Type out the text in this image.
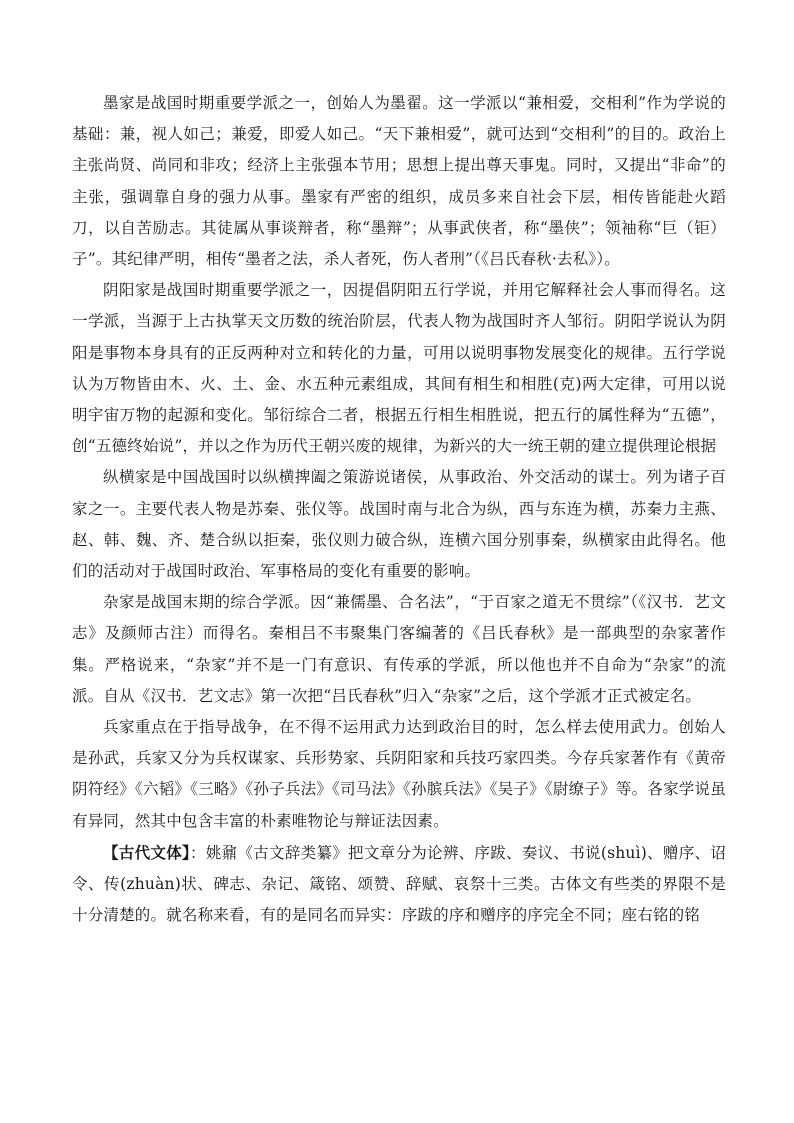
墨家是战国时期重要学派之一，创始人为墨翟。这一学派以“兼相爱，交相利”作为学说的基础：兼，视人如己；兼爱，即爱人如己。“天下兼相爱”，就可达到“交相利”的目的。政治上主张尚贤、尚同和非攻；经济上主张强本节用；思想上提出尊天事鬼。同时，又提出“非命”的主张，强调靠自身的强力从事。墨家有严密的组织，成员多来自社会下层，相传皆能赴火蹈刀，以自苦励志。其徒属从事谈辩者，称“墨辩”；从事武侠者，称“墨侠”；领袖称“巨（钜）子”。其纪律严明，相传“墨者之法，杀人者死，伤人者刑”（《吕氏春秋·去私》）。

阴阳家是战国时期重要学派之一，因提倡阴阳五行学说，并用它解释社会人事而得名。这一学派，当源于上古执掌天文历数的统治阶层，代表人物为战国时齐人邹衍。阴阳学说认为阴阳是事物本身具有的正反两种对立和转化的力量，可用以说明事物发展变化的规律。五行学说认为万物皆由木、火、土、金、水五种元素组成，其间有相生和相胜(克)两大定律，可用以说明宇宙万物的起源和变化。邹衍综合二者，根据五行相生相胜说，把五行的属性释为“五德”，创“五德终始说”，并以之作为历代王朝兴废的规律，为新兴的大一统王朝的建立提供理论根据

纵横家是中国战国时以纵横捭阖之策游说诸侯，从事政治、外交活动的谋士。列为诸子百家之一。主要代表人物是苏秦、张仪等。战国时南与北合为纵，西与东连为横，苏秦力主燕、赵、韩、魏、齐、楚合纵以拒秦，张仪则力破合纵，连横六国分别事秦，纵横家由此得名。他们的活动对于战国时政治、军事格局的变化有重要的影响。

杂家是战国末期的综合学派。因“兼儒墨、合名法”，“于百家之道无不贯综”（《汉书．艺文志》及颜师古注）而得名。秦相吕不韦聚集门客编著的《吕氏春秋》是一部典型的杂家著作集。严格说来，“杂家”并不是一门有意识、有传承的学派，所以他也并不自命为“杂家”的流派。自从《汉书．艺文志》第一次把“吕氏春秋”归入“杂家”之后，这个学派才正式被定名。

兵家重点在于指导战争，在不得不运用武力达到政治目的时，怎么样去使用武力。创始人是孙武，兵家又分为兵权谋家、兵形势家、兵阴阳家和兵技巧家四类。今存兵家著作有《黄帝阴符经》《六韬》《三略》《孙子兵法》《司马法》《孙膑兵法》《吴子》《尉缭子》等。各家学说虽有异同，然其中包含丰富的朴素唯物论与辩证法因素。

【古代文体】：姚鼐《古文辞类纂》把文章分为论辨、序跋、奏议、书说(shuì)、赠序、诏令、传(zhuàn)状、碑志、杂记、箴铭、颂赞、辞赋、哀祭十三类。古体文有些类的界限不是十分清楚的。就名称来看，有的是同名而异实：序跋的序和赠序的序完全不同；座右铭的铭
